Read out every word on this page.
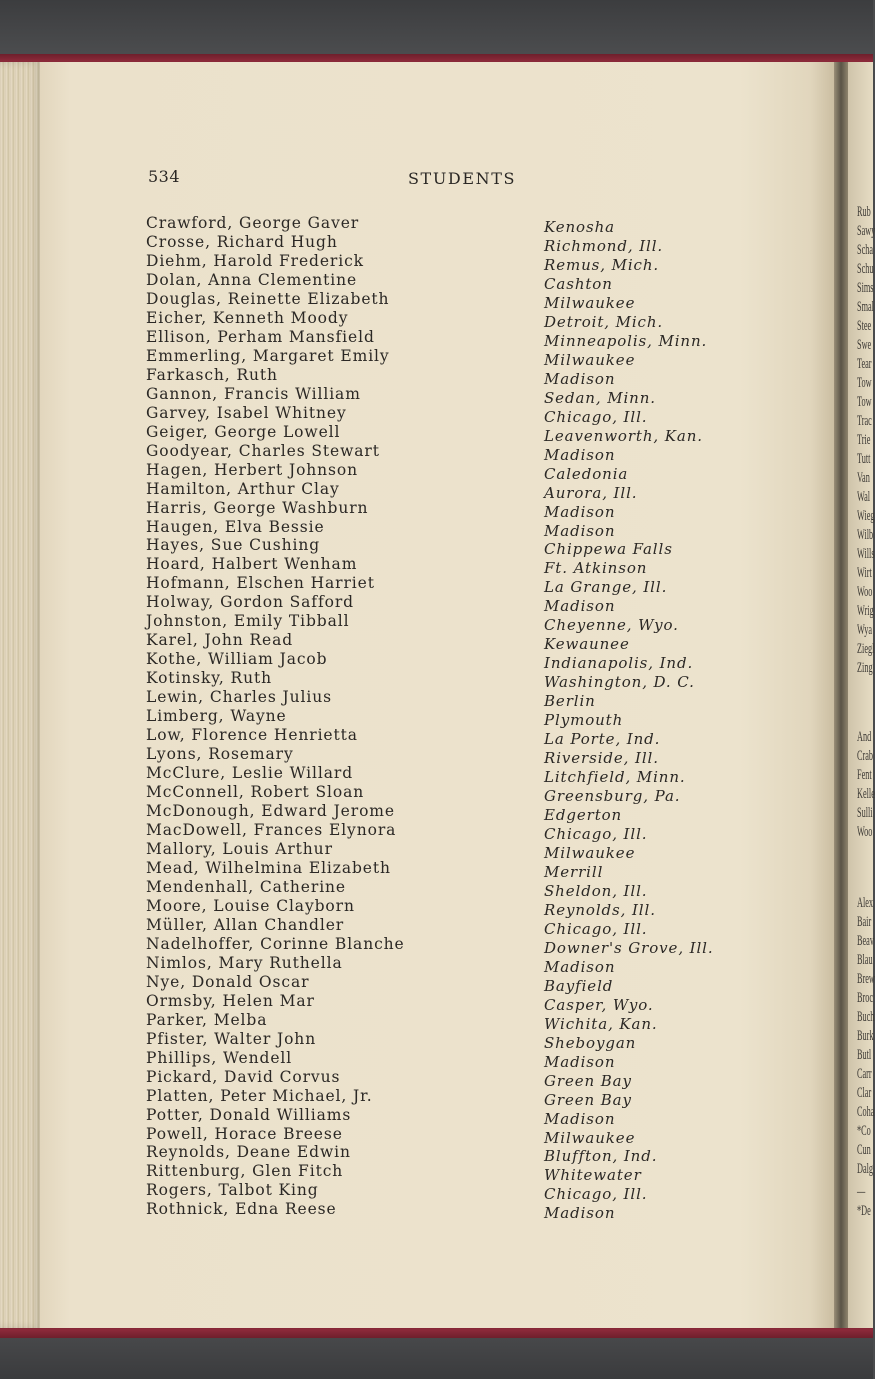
Rub
Sawy
Scha
Schu
Sims
Smal
Stee
Swe
Tear
Tow
Tow
Trac
Trie
Tutt
Van
Wal
Wieg
Wilb
Wills
Wirt
Woo
Wrig
Wya
Ziegl
Zing
And
Crab
Fent
Kelle
Sulli
Woo
Alex
Bair
Beav
Blau
Brew
Broc
Buch
Burk
Butl
Carr
Clar
Coha
*Co
Cun
Dalg
—
*De
534	STUDENTS
Crawford, George Gaver
Crosse, Richard Hugh
Diehm, Harold Frederick
Dolan, Anna Clementine
Douglas, Reinette Elizabeth
Eicher, Kenneth Moody
Ellison, Perham Mansfield
Emmerling, Margaret Emily
Farkasch, Ruth
Gannon, Francis William
Garvey, Isabel Whitney
Geiger, George Lowell
Goodyear, Charles Stewart
Hagen, Herbert Johnson
Hamilton, Arthur Clay
Harris, George Washburn
Haugen, Elva Bessie
Hayes, Sue Cushing
Hoard, Halbert Wenham
Hofmann, Elschen Harriet
Holway, Gordon Safford
Johnston, Emily Tibball
Karel, John Read
Kothe, William Jacob
Kotinsky, Ruth
Lewin, Charles Julius
Limberg, Wayne
Low, Florence Henrietta
Lyons, Rosemary
McClure, Leslie Willard
McConnell, Robert Sloan
McDonough, Edward Jerome
MacDowell, Frances Elynora
Mallory, Louis Arthur
Mead, Wilhelmina Elizabeth
Mendenhall, Catherine
Moore, Louise Clayborn
Müller, Allan Chandler
Nadelhoffer, Corinne Blanche
Nimlos, Mary Ruthella
Nye, Donald Oscar
Ormsby, Helen Mar
Parker, Melba
Pfister, Walter John
Phillips, Wendell
Pickard, David Corvus
Platten, Peter Michael, Jr.
Potter, Donald Williams
Powell, Horace Breese
Reynolds, Deane Edwin
Rittenburg, Glen Fitch
Rogers, Talbot King
Rothnick, Edna Reese
Kenosha
Richmond, Ill.
Remus, Mich.
Cashton
Milwaukee
Detroit, Mich.
Minneapolis, Minn.
Milwaukee
Madison
Sedan, Minn.
Chicago, Ill.
Leavenworth, Kan.
Madison
Caledonia
Aurora, Ill.
Madison
Madison
Chippewa Falls
Ft. Atkinson
La Grange, Ill.
Madison
Cheyenne, Wyo.
Kewaunee
Indianapolis, Ind.
Washington, D. C.
Berlin
Plymouth
La Porte, Ind.
Riverside, Ill.
Litchfield, Minn.
Greensburg, Pa.
Edgerton
Chicago, Ill.
Milwaukee
Merrill
Sheldon, Ill.
Reynolds, Ill.
Chicago, Ill.
Downer's Grove, Ill.
Madison
Bayfield
Casper, Wyo.
Wichita, Kan.
Sheboygan
Madison
Green Bay
Green Bay
Madison
Milwaukee
Bluffton, Ind.
Whitewater
Chicago, Ill.
Madison
